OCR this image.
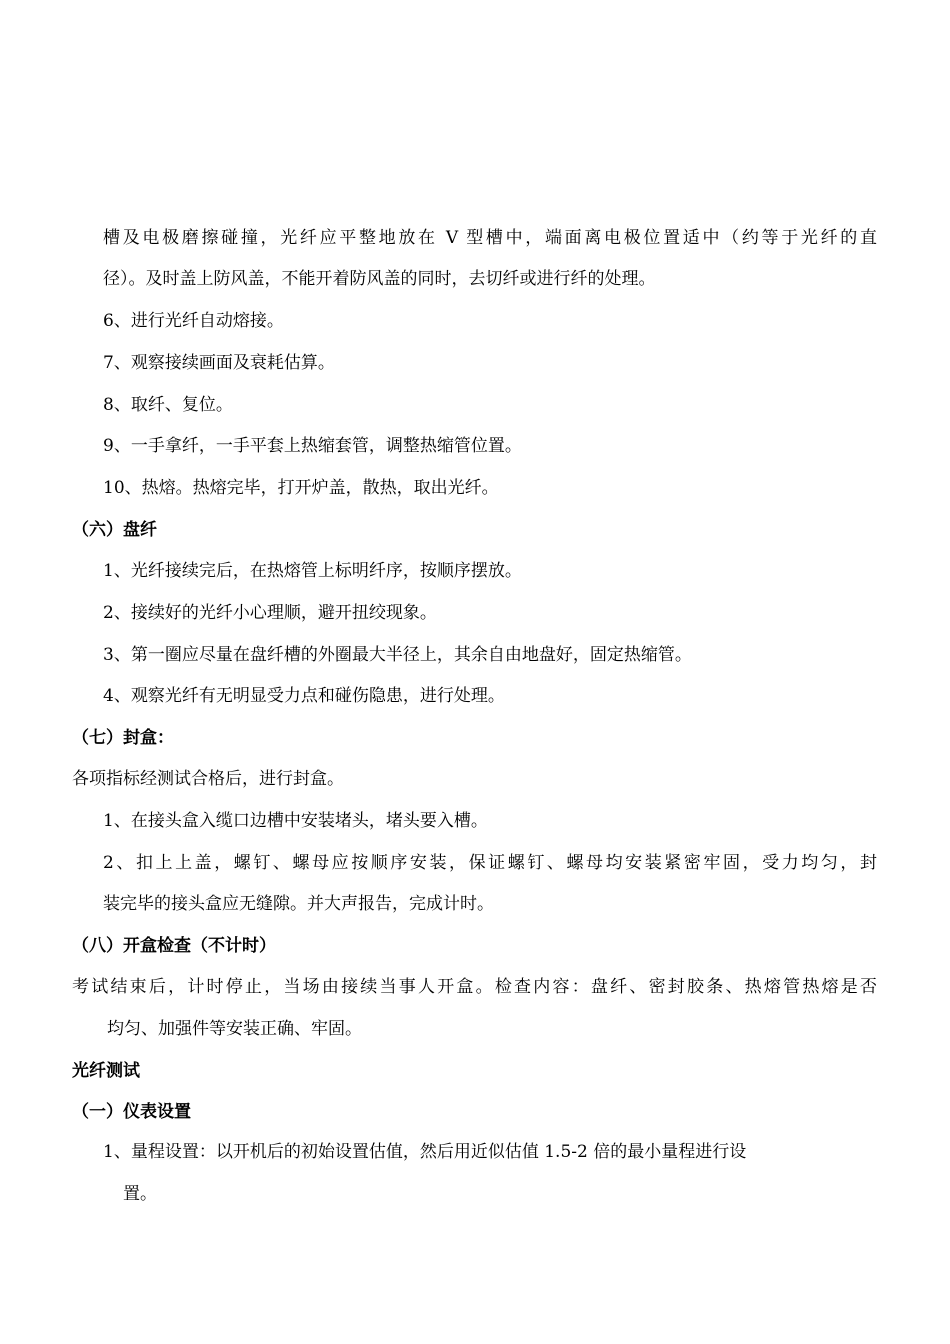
槽及电极磨擦碰撞，光纤应平整地放在 V 型槽中，端面离电极位置适中（约等于光纤的直
径）。及时盖上防风盖，不能开着防风盖的同时，去切纤或进行纤的处理。
6、进行光纤自动熔接。
7、观察接续画面及衰耗估算。
8、取纤、复位。
9、一手拿纤，一手平套上热缩套管，调整热缩管位置。
10、热熔。热熔完毕，打开炉盖，散热，取出光纤。
（六）盘纤
1、光纤接续完后，在热熔管上标明纤序，按顺序摆放。
2、接续好的光纤小心理顺，避开扭绞现象。
3、第一圈应尽量在盘纤槽的外圈最大半径上，其余自由地盘好，固定热缩管。
4、观察光纤有无明显受力点和碰伤隐患，进行处理。
（七）封盒：
各项指标经测试合格后，进行封盒。
1、在接头盒入缆口边槽中安装堵头，堵头要入槽。
2、扣上上盖，螺钉、螺母应按顺序安装，保证螺钉、螺母均安装紧密牢固，受力均匀，封
装完毕的接头盒应无缝隙。并大声报告，完成计时。
（八）开盒检查（不计时）
考试结束后，计时停止，当场由接续当事人开盒。检查内容：盘纤、密封胶条、热熔管热熔是否
均匀、加强件等安装正确、牢固。
光纤测试
（一）仪表设置
1、量程设置：以开机后的初始设置估值，然后用近似估值 1.5-2 倍的最小量程进行设
置。
